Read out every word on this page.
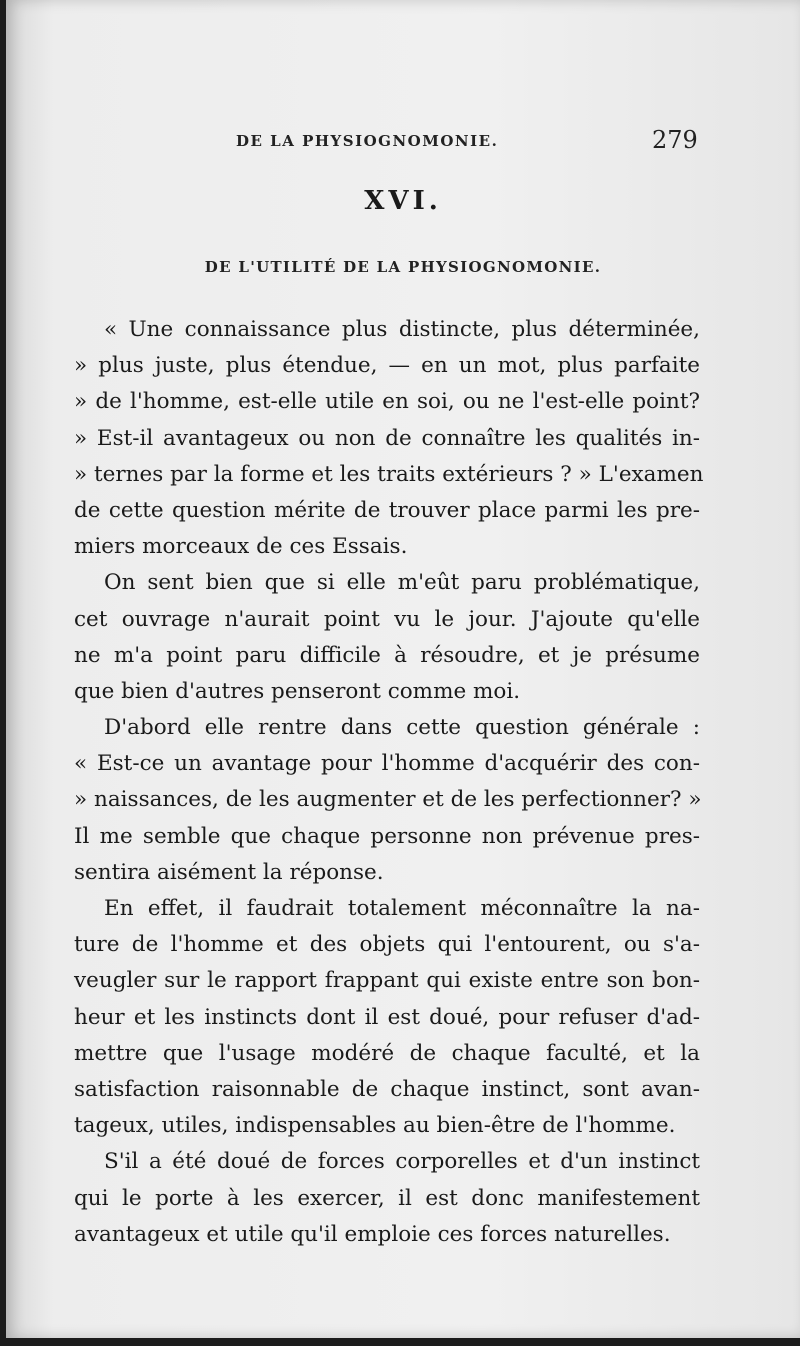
DE LA PHYSIOGNOMONIE.	279
XVI.
DE L'UTILITÉ DE LA PHYSIOGNOMONIE.
« Une connaissance plus distincte, plus déterminée,
» plus juste, plus étendue, — en un mot, plus parfaite
» de l'homme, est-elle utile en soi, ou ne l'est-elle point?
» Est-il avantageux ou non de connaître les qualités in-
» ternes par la forme et les traits extérieurs ? » L'examen
de cette question mérite de trouver place parmi les pre-
miers morceaux de ces Essais.
On sent bien que si elle m'eût paru problématique,
cet ouvrage n'aurait point vu le jour. J'ajoute qu'elle
ne m'a point paru difficile à résoudre, et je présume
que bien d'autres penseront comme moi.
D'abord elle rentre dans cette question générale :
« Est-ce un avantage pour l'homme d'acquérir des con-
» naissances, de les augmenter et de les perfectionner? »
Il me semble que chaque personne non prévenue pres-
sentira aisément la réponse.
En effet, il faudrait totalement méconnaître la na-
ture de l'homme et des objets qui l'entourent, ou s'a-
veugler sur le rapport frappant qui existe entre son bon-
heur et les instincts dont il est doué, pour refuser d'ad-
mettre que l'usage modéré de chaque faculté, et la
satisfaction raisonnable de chaque instinct, sont avan-
tageux, utiles, indispensables au bien-être de l'homme.
S'il a été doué de forces corporelles et d'un instinct
qui le porte à les exercer, il est donc manifestement
avantageux et utile qu'il emploie ces forces naturelles.
